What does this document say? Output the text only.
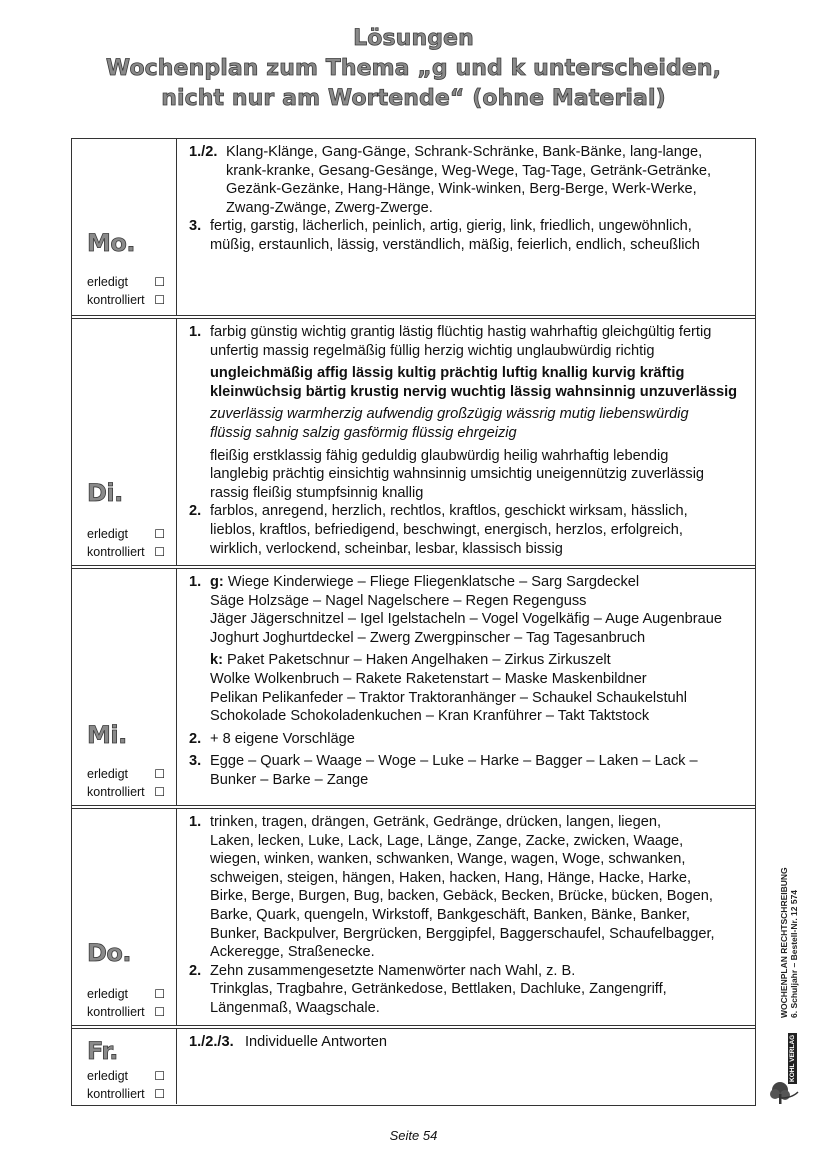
Lösungen
Wochenplan zum Thema „g und k unterscheiden,
nicht nur am Wortende“ (ohne Material)
Mo.
erledigt ☐
kontrolliert ☐
1./2. Klang-Klänge, Gang-Gänge, Schrank-Schränke, Bank-Bänke, lang-lange,

krank-kranke, Gesang-Gesänge, Weg-Wege, Tag-Tage, Getränk-Getränke,

Gezänk-Gezänke, Hang-Hänge, Wink-winken, Berg-Berge, Werk-Werke,

Zwang-Zwänge, Zwerg-Zwerge.

3. fertig, garstig, lächerlich, peinlich, artig, gierig, link, friedlich, ungewöhnlich,

müßig, erstaunlich, lässig, verständlich, mäßig, feierlich, endlich, scheußlich

Di.
erledigt ☐
kontrolliert ☐
1. farbig günstig wichtig grantig lästig flüchtig hastig wahrhaftig gleichgültig fertig

unfertig massig regelmäßig füllig herzig wichtig unglaubwürdig richtig

ungleichmäßig affig lässig kultig prächtig luftig knallig kurvig kräftig

kleinwüchsig bärtig krustig nervig wuchtig lässig wahnsinnig unzuverlässig

zuverlässig warmherzig aufwendig großzügig wässrig mutig liebenswürdig

flüssig sahnig salzig gasförmig flüssig ehrgeizig

fleißig erstklassig fähig geduldig glaubwürdig heilig wahrhaftig lebendig

langlebig prächtig einsichtig wahnsinnig umsichtig uneigennützig zuverlässig

rassig fleißig stumpfsinnig knallig

2. farblos, anregend, herzlich, rechtlos, kraftlos, geschickt wirksam, hässlich,

lieblos, kraftlos, befriedigend, beschwingt, energisch, herzlos, erfolgreich,

wirklich, verlockend, scheinbar, lesbar, klassisch bissig

Mi.
erledigt ☐
kontrolliert ☐
1. g: Wiege Kinderwiege – Fliege Fliegenklatsche – Sarg Sargdeckel

Säge Holzsäge – Nagel Nagelschere – Regen Regenguss

Jäger Jägerschnitzel – Igel Igelstacheln – Vogel Vogelkäfig – Auge Augenbraue

Joghurt Joghurtdeckel – Zwerg Zwergpinscher – Tag Tagesanbruch

k: Paket Paketschnur – Haken Angelhaken – Zirkus Zirkuszelt

Wolke Wolkenbruch – Rakete Raketenstart – Maske Maskenbildner

Pelikan Pelikanfeder – Traktor Traktoranhänger – Schaukel Schaukelstuhl

Schokolade Schokoladenkuchen – Kran Kranführer – Takt Taktstock

2. + 8 eigene Vorschläge

3. Egge – Quark – Waage – Woge – Luke – Harke – Bagger – Laken – Lack –

Bunker – Barke – Zange

Do.
erledigt ☐
kontrolliert ☐
1. trinken, tragen, drängen, Getränk, Gedränge, drücken, langen, liegen,

Laken, lecken, Luke, Lack, Lage, Länge, Zange, Zacke, zwicken, Waage,

wiegen, winken, wanken, schwanken, Wange, wagen, Woge, schwanken,

schweigen, steigen, hängen, Haken, hacken, Hang, Hänge, Hacke, Harke,

Birke, Berge, Burgen, Bug, backen, Gebäck, Becken, Brücke, bücken, Bogen,

Barke, Quark, quengeln, Wirkstoff, Bankgeschäft, Banken, Bänke, Banker,

Bunker, Backpulver, Bergrücken, Berggipfel, Baggerschaufel, Schaufelbagger,

Ackeregge, Straßenecke.

2. Zehn zusammengesetzte Namenwörter nach Wahl, z. B.

Trinkglas, Tragbahre, Getränkedose, Bettlaken, Dachluke, Zangengriff,

Längenmaß, Waagschale.

Fr.
erledigt ☐
kontrolliert ☐
1./2./3. Individuelle Antworten

WOCHENPLAN RECHTSCHREIBUNG 6. Schuljahr – Bestell-Nr. 12 574
KOHL VERLAG
Seite 54
